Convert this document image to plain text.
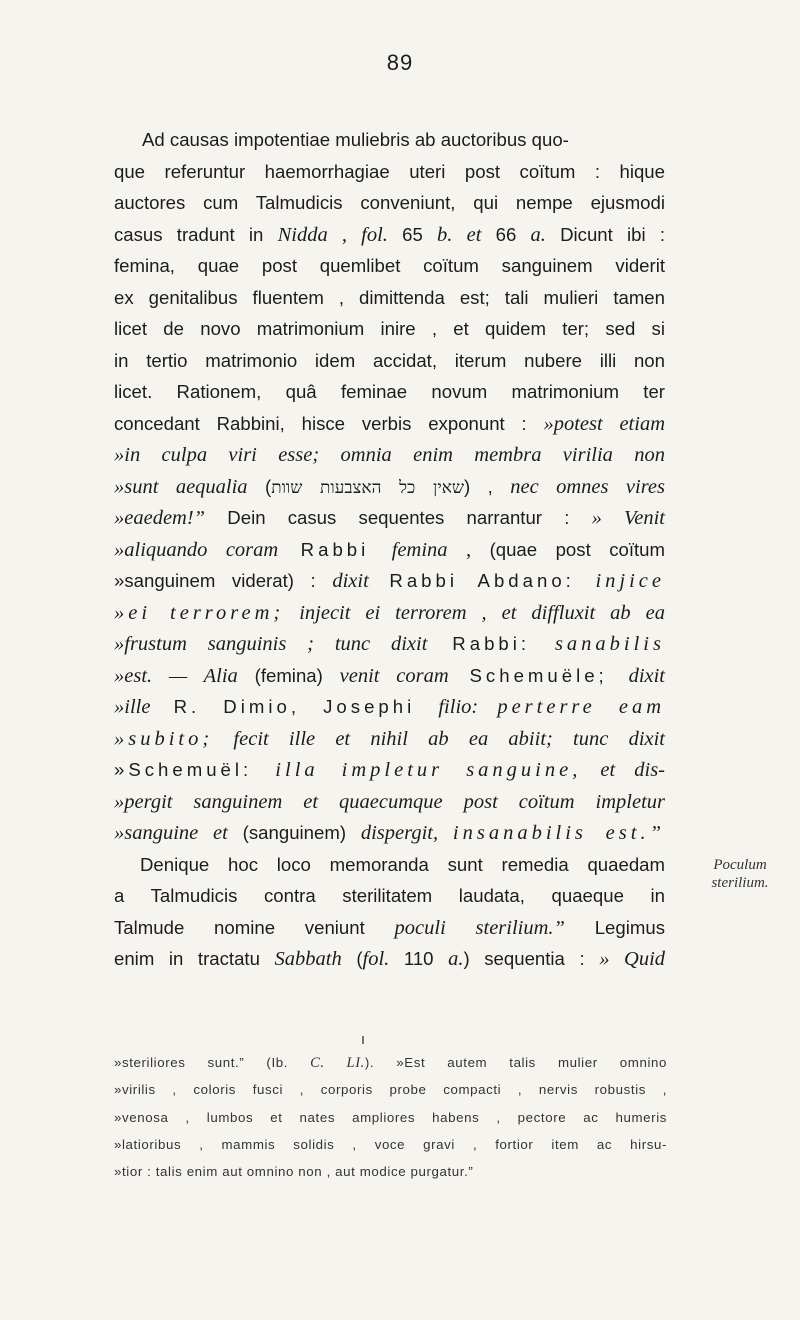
89
Ad causas impotentiae muliebris ab auctoribus quo-
que referuntur haemorrhagiae uteri post coïtum : hique
auctores cum Talmudicis conveniunt, qui nempe ejusmodi
casus tradunt in Nidda , fol. 65 b. et 66 a. Dicunt ibi :
femina, quae post quemlibet coïtum sanguinem viderit
ex genitalibus fluentem , dimittenda est; tali mulieri tamen
licet de novo matrimonium inire , et quidem ter; sed si
in tertio matrimonio idem accidat, iterum nubere illi non
licet. Rationem, quâ feminae novum matrimonium ter
concedant Rabbini, hisce verbis exponunt : »potest etiam
»in culpa viri esse; omnia enim membra virilia non
»sunt aequalia (שאין כל האצבעות שוות) , nec omnes vires
»eaedem!” Dein casus sequentes narrantur : » Venit
»aliquando coram Rabbi femina , (quae post coïtum
»sanguinem viderat) : dixit Rabbi Abdano: injice
»ei terrorem; injecit ei terrorem , et diffluxit ab ea
»frustum sanguinis ; tunc dixit Rabbi: sanabilis
»est. — Alia (femina) venit coram Schemuële; dixit
»ille R. Dimio, Josephi filio: perterre eam
»subito; fecit ille et nihil ab ea abiit; tunc dixit
»Schemuël: illa impletur sanguine, et dis-
»pergit sanguinem et quaecumque post coïtum impletur
»sanguine et (sanguinem) dispergit, insanabilis est.”
Denique hoc loco memoranda sunt remedia quaedam
a Talmudicis contra sterilitatem laudata, quaeque in
Talmude nomine veniunt poculi sterilium.” Legimus
enim in tractatu Sabbath (fol. 110 a.) sequentia : » Quid
Poculum
sterilium.
»steriliores sunt.” (Ib. C. LI.). »Est autem talis mulier omnino
»virilis , coloris fusci , corporis probe compacti , nervis robustis ,
»venosa , lumbos et nates ampliores habens , pectore ac humeris
»latioribus , mammis solidis , voce gravi , fortior item ac hirsu-
»tior : talis enim aut omnino non , aut modice purgatur.”
